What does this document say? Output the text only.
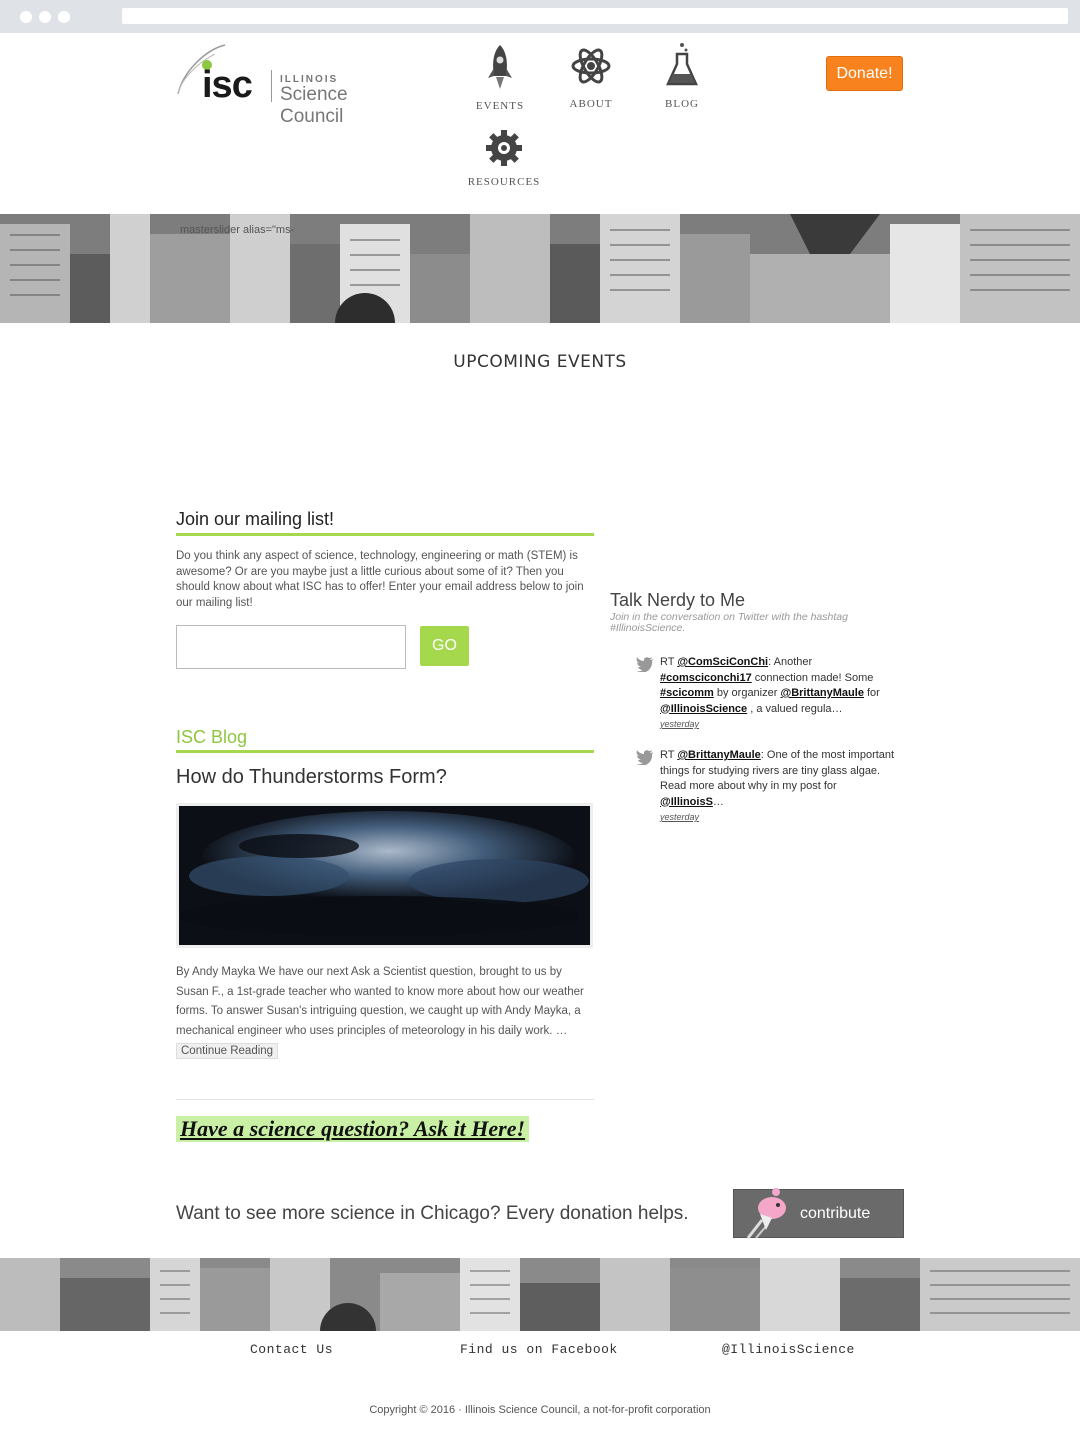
isc	ILLINOIS
Science Council	EVENTS	ABOUT	BLOG
RESOURCES
Donate!
masterslider alias="ms-
UPCOMING EVENTS
Join our mailing list!

Do you think any aspect of science, technology, engineering or math (STEM) is awesome? Or are you maybe just a little curious about some of it? Then you should know about what ISC has to offer! Enter your email address below to join our mailing list!

GO
ISC Blog
How do Thunderstorms Form?

By Andy Mayka We have our next Ask a Scientist question, brought to us by Susan F., a 1st-grade teacher who wanted to know more about how our weather forms. To answer Susan's intriguing question, we caught up with Andy Mayka, a mechanical engineer who uses principles of meteorology in his daily work. …

Continue Reading
Have a science question? Ask it Here!
Talk Nerdy to Me
Join in the conversation on Twitter with the hashtag #IllinoisScience.
RT @ComSciConChi: Another #comsciconchi17 connection made! Some #scicomm by organizer @BrittanyMaule for @IllinoisScience , a valued regula…
yesterday
RT @BrittanyMaule: One of the most important things for studying rivers are tiny glass algae. Read more about why in my post for @IllinoisS…
yesterday
Want to see more science in Chicago? Every donation helps.	contribute
Contact Us	Find us on Facebook	@IllinoisScience
Copyright © 2016 · Illinois Science Council, a not-for-profit corporation
